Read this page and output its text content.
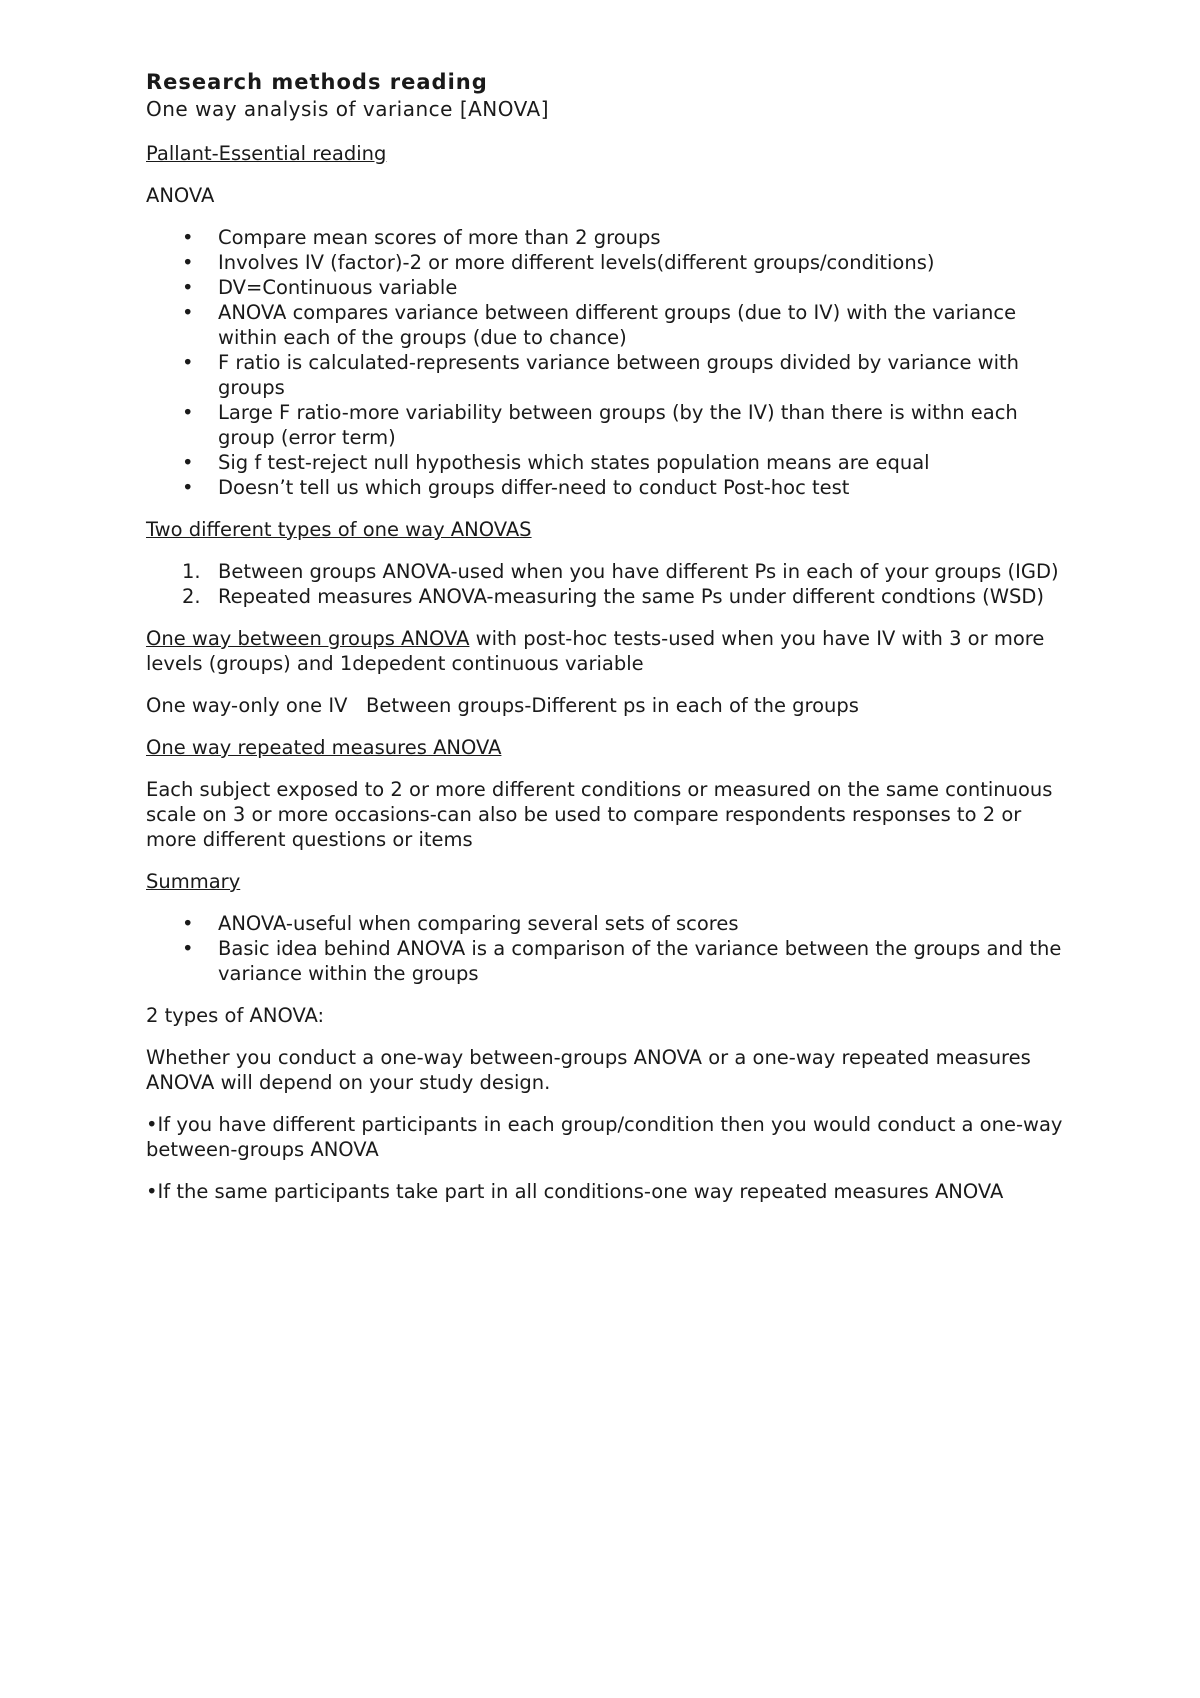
Research methods reading
One way analysis of variance [ANOVA]

Pallant-Essential reading

ANOVA

• Compare mean scores of more than 2 groups
• Involves IV (factor)-2 or more different levels(different groups/conditions)
• DV=Continuous variable
• ANOVA compares variance between different groups (due to IV) with the variance within each of the groups (due to chance)
• F ratio is calculated-represents variance between groups divided by variance with groups
• Large F ratio-more variability between groups (by the IV) than there is withn each group (error term)
• Sig f test-reject null hypothesis which states population means are equal
• Doesn’t tell us which groups differ-need to conduct Post-hoc test

Two different types of one way ANOVAS

1. Between groups ANOVA-used when you have different Ps in each of your groups (IGD)
2. Repeated measures ANOVA-measuring the same Ps under different condtions (WSD)

One way between groups ANOVA with post-hoc tests-used when you have IV with 3 or more levels (groups) and 1depedent continuous variable

One way-only one IV   Between groups-Different ps in each of the groups

One way repeated measures ANOVA

Each subject exposed to 2 or more different conditions or measured on the same continuous scale on 3 or more occasions-can also be used to compare respondents responses to 2 or more different questions or items

Summary

• ANOVA-useful when comparing several sets of scores
• Basic idea behind ANOVA is a comparison of the variance between the groups and the variance within the groups

2 types of ANOVA:

Whether you conduct a one-way between-groups ANOVA or a one-way repeated measures ANOVA will depend on your study design.

•If you have different participants in each group/condition then you would conduct a one-way between-groups ANOVA

•If the same participants take part in all conditions-one way repeated measures ANOVA
